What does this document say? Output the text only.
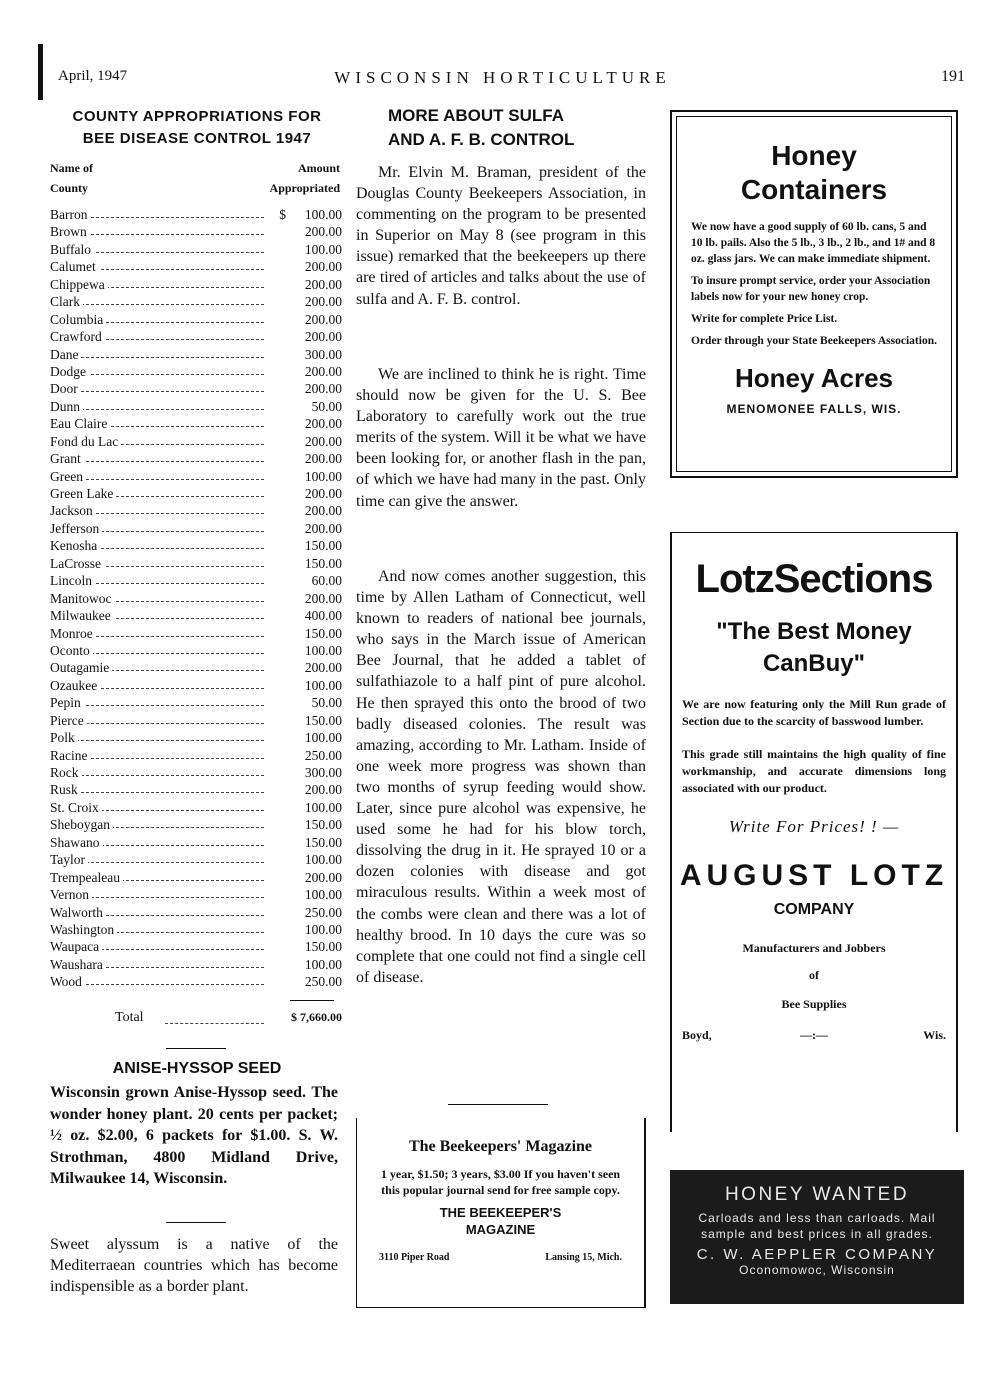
WISCONSIN HORTICULTURE
April, 1947	191
COUNTY APPROPRIATIONS FOR
BEE DISEASE CONTROL 1947
Name of
County
Amount
Appropriated
Barron	$	100.00
Brown	200.00
Buffalo	100.00
Calumet	200.00
Chippewa	200.00
Clark	200.00
Columbia	200.00
Crawford	200.00
Dane	300.00
Dodge	200.00
Door	200.00
Dunn	50.00
Eau Claire	200.00
Fond du Lac	200.00
Grant	200.00
Green	100.00
Green Lake	200.00
Jackson	200.00
Jefferson	200.00
Kenosha	150.00
LaCrosse	150.00
Lincoln	60.00
Manitowoc	200.00
Milwaukee	400.00
Monroe	150.00
Oconto	100.00
Outagamie	200.00
Ozaukee	100.00
Pepin	50.00
Pierce	150.00
Polk	100.00
Racine	250.00
Rock	300.00
Rusk	200.00
St. Croix	100.00
Sheboygan	150.00
Shawano	150.00
Taylor	100.00
Trempealeau	200.00
Vernon	100.00
Walworth	250.00
Washington	100.00
Waupaca	150.00
Waushara	100.00
Wood	250.00
Total	$ 7,660.00
ANISE-HYSSOP SEED
Wisconsin grown Anise-Hyssop seed. The wonder honey plant. 20 cents per packet; ½ oz. $2.00, 6 packets for $1.00. S. W. Strothman, 4800 Midland Drive, Milwaukee 14, Wisconsin.
Sweet alyssum is a native of the Mediterraean countries which has become indispensible as a border plant.
MORE ABOUT SULFA
AND A. F. B. CONTROL
Mr. Elvin M. Braman, president of the Douglas County Beekeepers Association, in commenting on the program to be presented in Superior on May 8 (see program in this issue) remarked that the beekeepers up there are tired of articles and talks about the use of sulfa and A. F. B. control.
We are inclined to think he is right. Time should now be given for the U. S. Bee Laboratory to carefully work out the true merits of the system. Will it be what we have been looking for, or another flash in the pan, of which we have had many in the past. Only time can give the answer.
And now comes another suggestion, this time by Allen Latham of Connecticut, well known to readers of national bee journals, who says in the March issue of American Bee Journal, that he added a tablet of sulfathiazole to a half pint of pure alcohol. He then sprayed this onto the brood of two badly diseased colonies. The result was amazing, according to Mr. Latham. Inside of one week more progress was shown than two months of syrup feeding would show. Later, since pure alcohol was expensive, he used some he had for his blow torch, dissolving the drug in it. He sprayed 10 or a dozen colonies with disease and got miraculous results. Within a week most of the combs were clean and there was a lot of healthy brood. In 10 days the cure was so complete that one could not find a single cell of disease.
The Beekeepers' Magazine
1 year, $1.50; 3 years, $3.00 If you haven't seen this popular journal send for free sample copy.
THE BEEKEEPER'S
MAGAZINE
3110 Piper Road	Lansing 15, Mich.
Honey
Containers
We now have a good supply of 60 lb. cans, 5 and 10 lb. pails. Also the 5 lb., 3 lb., 2 lb., and 1# and 8 oz. glass jars. We can make immediate shipment.
To insure prompt service, order your Association labels now for your new honey crop.
Write for complete Price List.
Order through your State Beekeepers Association.
Honey Acres
MENOMONEE FALLS, WIS.
LotzSections
"The Best Money
CanBuy"
We are now featuring only the Mill Run grade of Section due to the scarcity of basswood lumber.
This grade still maintains the high quality of fine workmanship, and accurate dimensions long associated with our product.
Write For Prices! ! —
AUGUST LOTZ
COMPANY
Manufacturers and Jobbers
of
Bee Supplies
Boyd,	—:—	Wis.
HONEY WANTED
Carloads and less than carloads. Mail sample and best prices in all grades.
C. W. AEPPLER COMPANY
Oconomowoc, Wisconsin
